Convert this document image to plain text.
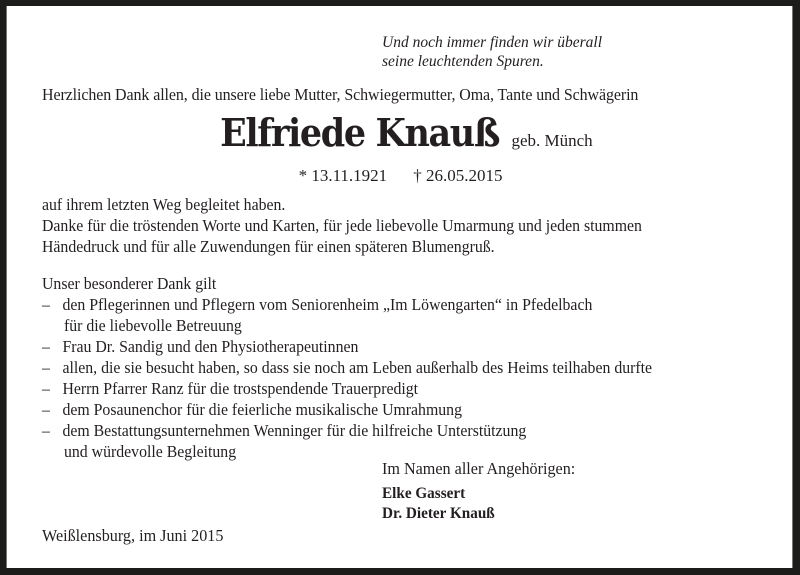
Und noch immer finden wir überall
seine leuchtenden Spuren.
Herzlichen Dank allen, die unsere liebe Mutter, Schwiegermutter, Oma, Tante und Schwägerin
Elfriede Knauß geb. Münch
* 13.11.1921 † 26.05.2015
auf ihrem letzten Weg begleitet haben.
Danke für die tröstenden Worte und Karten, für jede liebevolle Umarmung und jeden stummen
Händedruck und für alle Zuwendungen für einen späteren Blumengruß.
Unser besonderer Dank gilt
– den Pflegerinnen und Pflegern vom Seniorenheim „Im Löwengarten“ in Pfedelbach
für die liebevolle Betreuung
– Frau Dr. Sandig und den Physiotherapeutinnen
– allen, die sie besucht haben, so dass sie noch am Leben außerhalb des Heims teilhaben durfte
– Herrn Pfarrer Ranz für die trostspendende Trauerpredigt
– dem Posaunenchor für die feierliche musikalische Umrahmung
– dem Bestattungsunternehmen Wenninger für die hilfreiche Unterstützung
und würdevolle Begleitung
Im Namen aller Angehörigen:
Elke Gassert
Dr. Dieter Knauß
Weißlensburg, im Juni 2015
